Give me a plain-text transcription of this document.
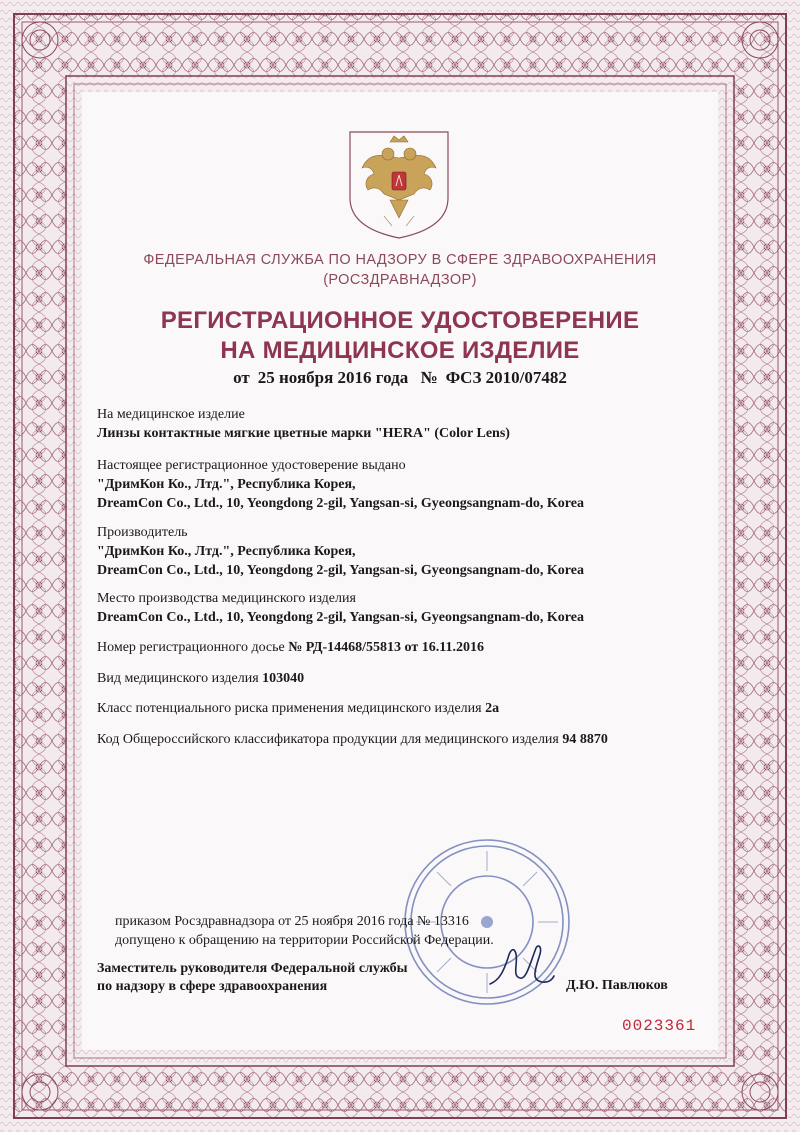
ФЕДЕРАЛЬНАЯ СЛУЖБА ПО НАДЗОРУ В СФЕРЕ ЗДРАВООХРАНЕНИЯ
(РОСЗДРАВНАДЗОР)
РЕГИСТРАЦИОННОЕ УДОСТОВЕРЕНИЕ
НА МЕДИЦИНСКОЕ ИЗДЕЛИЕ
от 25 ноября 2016 года № ФСЗ 2010/07482
На медицинское изделие
Линзы контактные мягкие цветные марки "HERA" (Color Lens)
Настоящее регистрационное удостоверение выдано
"ДримКон Ко., Лтд.", Республика Корея,
DreamCon Co., Ltd., 10, Yeongdong 2-gil, Yangsan-si, Gyeongsangnam-do, Korea
Производитель
"ДримКон Ко., Лтд.", Республика Корея,
DreamCon Co., Ltd., 10, Yeongdong 2-gil, Yangsan-si, Gyeongsangnam-do, Korea
Место производства медицинского изделия
DreamCon Co., Ltd., 10, Yeongdong 2-gil, Yangsan-si, Gyeongsangnam-do, Korea
Номер регистрационного досье № РД-14468/55813 от 16.11.2016
Вид медицинского изделия 103040
Класс потенциального риска применения медицинского изделия 2а
Код Общероссийского классификатора продукции для медицинского изделия 94 8870
приказом Росздравнадзора от 25 ноября 2016 года № 13316
допущено к обращению на территории Российской Федерации.
Заместитель руководителя Федеральной службы
по надзору в сфере здравоохранения	Д.Ю. Павлюков
0023361
